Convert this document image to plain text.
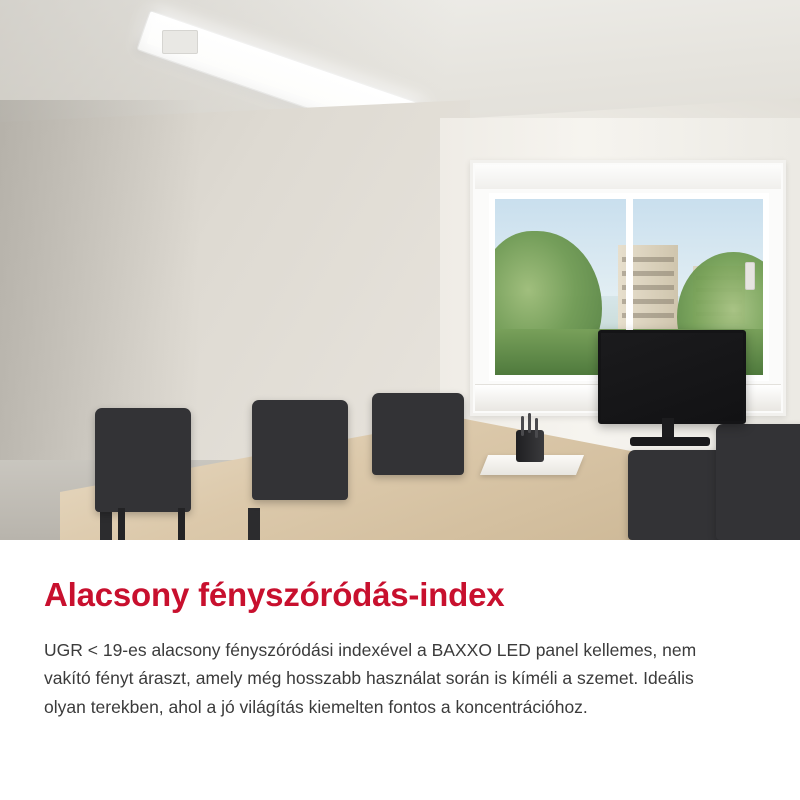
Alacsony fényszóródás-index

UGR < 19-es alacsony fényszóródási indexével a BAXXO LED panel kellemes, nem vakító fényt áraszt, amely még hosszabb használat során is kíméli a szemet. Ideális olyan terekben, ahol a jó világítás kiemelten fontos a koncentrációhoz.
